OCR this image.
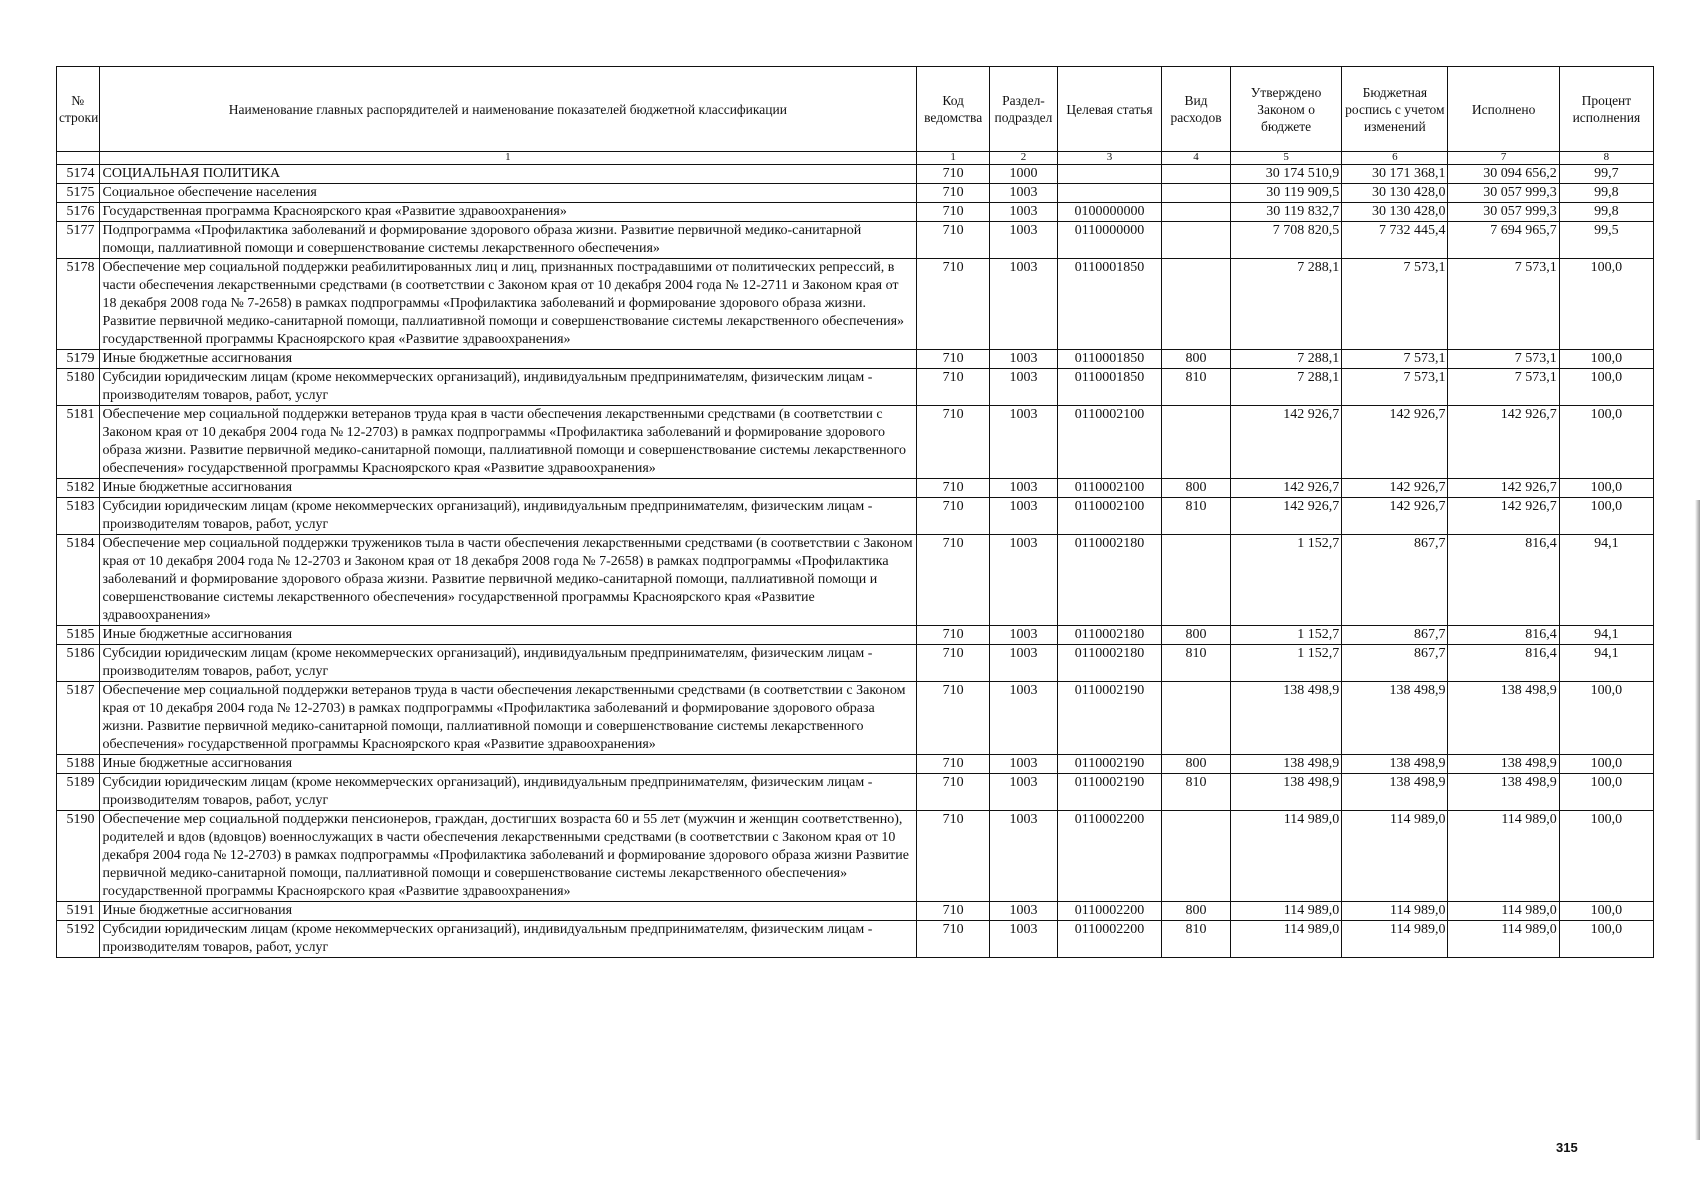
№ строки	Наименование главных распорядителей и наименование показателей бюджетной классификации	Код ведомства	Раздел-подраздел	Целевая статья	Вид расходов	Утверждено Законом о бюджете	Бюджетная роспись с учетом изменений	Исполнено	Процент исполнения
	1	1	2	3	4	5	6	7	8
5174	СОЦИАЛЬНАЯ ПОЛИТИКА	710	1000			30 174 510,9	30 171 368,1	30 094 656,2	99,7
5175	Социальное обеспечение населения	710	1003			30 119 909,5	30 130 428,0	30 057 999,3	99,8
5176	Государственная программа Красноярского края «Развитие здравоохранения»	710	1003	0100000000		30 119 832,7	30 130 428,0	30 057 999,3	99,8
5177	Подпрограмма «Профилактика заболеваний и формирование здорового образа жизни. Развитие первичной медико-санитарной помощи, паллиативной помощи и совершенствование системы лекарственного обеспечения»	710	1003	0110000000		7 708 820,5	7 732 445,4	7 694 965,7	99,5
5178	Обеспечение мер социальной поддержки реабилитированных лиц и лиц, признанных пострадавшими от политических репрессий, в части обеспечения лекарственными средствами (в соответствии с Законом края от 10 декабря 2004 года № 12-2711 и Законом края от 18 декабря 2008 года № 7-2658) в рамках подпрограммы «Профилактика заболеваний и формирование здорового образа жизни. Развитие первичной медико-санитарной помощи, паллиативной помощи и совершенствование системы лекарственного обеспечения» государственной программы Красноярского края «Развитие здравоохранения»	710	1003	0110001850		7 288,1	7 573,1	7 573,1	100,0
5179	Иные бюджетные ассигнования	710	1003	0110001850	800	7 288,1	7 573,1	7 573,1	100,0
5180	Субсидии юридическим лицам (кроме некоммерческих организаций), индивидуальным предпринимателям, физическим лицам - производителям товаров, работ, услуг	710	1003	0110001850	810	7 288,1	7 573,1	7 573,1	100,0
5181	Обеспечение мер социальной поддержки ветеранов труда края в части обеспечения лекарственными средствами (в соответствии с Законом края от 10 декабря 2004 года № 12-2703) в рамках подпрограммы «Профилактика заболеваний и формирование здорового образа жизни. Развитие первичной медико-санитарной помощи, паллиативной помощи и совершенствование системы лекарственного обеспечения» государственной программы Красноярского края «Развитие здравоохранения»	710	1003	0110002100		142 926,7	142 926,7	142 926,7	100,0
5182	Иные бюджетные ассигнования	710	1003	0110002100	800	142 926,7	142 926,7	142 926,7	100,0
5183	Субсидии юридическим лицам (кроме некоммерческих организаций), индивидуальным предпринимателям, физическим лицам - производителям товаров, работ, услуг	710	1003	0110002100	810	142 926,7	142 926,7	142 926,7	100,0
5184	Обеспечение мер социальной поддержки тружеников тыла в части обеспечения лекарственными средствами (в соответствии с Законом края от 10 декабря 2004 года № 12-2703 и Законом края от 18 декабря 2008 года № 7-2658) в рамках подпрограммы «Профилактика заболеваний и формирование здорового образа жизни. Развитие первичной медико-санитарной помощи, паллиативной помощи и совершенствование системы лекарственного обеспечения» государственной программы Красноярского края «Развитие здравоохранения»	710	1003	0110002180		1 152,7	867,7	816,4	94,1
5185	Иные бюджетные ассигнования	710	1003	0110002180	800	1 152,7	867,7	816,4	94,1
5186	Субсидии юридическим лицам (кроме некоммерческих организаций), индивидуальным предпринимателям, физическим лицам - производителям товаров, работ, услуг	710	1003	0110002180	810	1 152,7	867,7	816,4	94,1
5187	Обеспечение мер социальной поддержки ветеранов труда в части обеспечения лекарственными средствами (в соответствии с Законом края от 10 декабря 2004 года № 12-2703) в рамках подпрограммы «Профилактика заболеваний и формирование здорового образа жизни. Развитие первичной медико-санитарной помощи, паллиативной помощи и совершенствование системы лекарственного обеспечения» государственной программы Красноярского края «Развитие здравоохранения»	710	1003	0110002190		138 498,9	138 498,9	138 498,9	100,0
5188	Иные бюджетные ассигнования	710	1003	0110002190	800	138 498,9	138 498,9	138 498,9	100,0
5189	Субсидии юридическим лицам (кроме некоммерческих организаций), индивидуальным предпринимателям, физическим лицам - производителям товаров, работ, услуг	710	1003	0110002190	810	138 498,9	138 498,9	138 498,9	100,0
5190	Обеспечение мер социальной поддержки пенсионеров, граждан, достигших возраста 60 и 55 лет (мужчин и женщин соответственно), родителей и вдов (вдовцов) военнослужащих в части обеспечения лекарственными средствами (в соответствии с Законом края от 10 декабря 2004 года № 12-2703) в рамках подпрограммы «Профилактика заболеваний и формирование здорового образа жизни Развитие первичной медико-санитарной помощи, паллиативной помощи и совершенствование системы лекарственного обеспечения» государственной программы Красноярского края «Развитие здравоохранения»	710	1003	0110002200		114 989,0	114 989,0	114 989,0	100,0
5191	Иные бюджетные ассигнования	710	1003	0110002200	800	114 989,0	114 989,0	114 989,0	100,0
5192	Субсидии юридическим лицам (кроме некоммерческих организаций), индивидуальным предпринимателям, физическим лицам - производителям товаров, работ, услуг	710	1003	0110002200	810	114 989,0	114 989,0	114 989,0	100,0
315
